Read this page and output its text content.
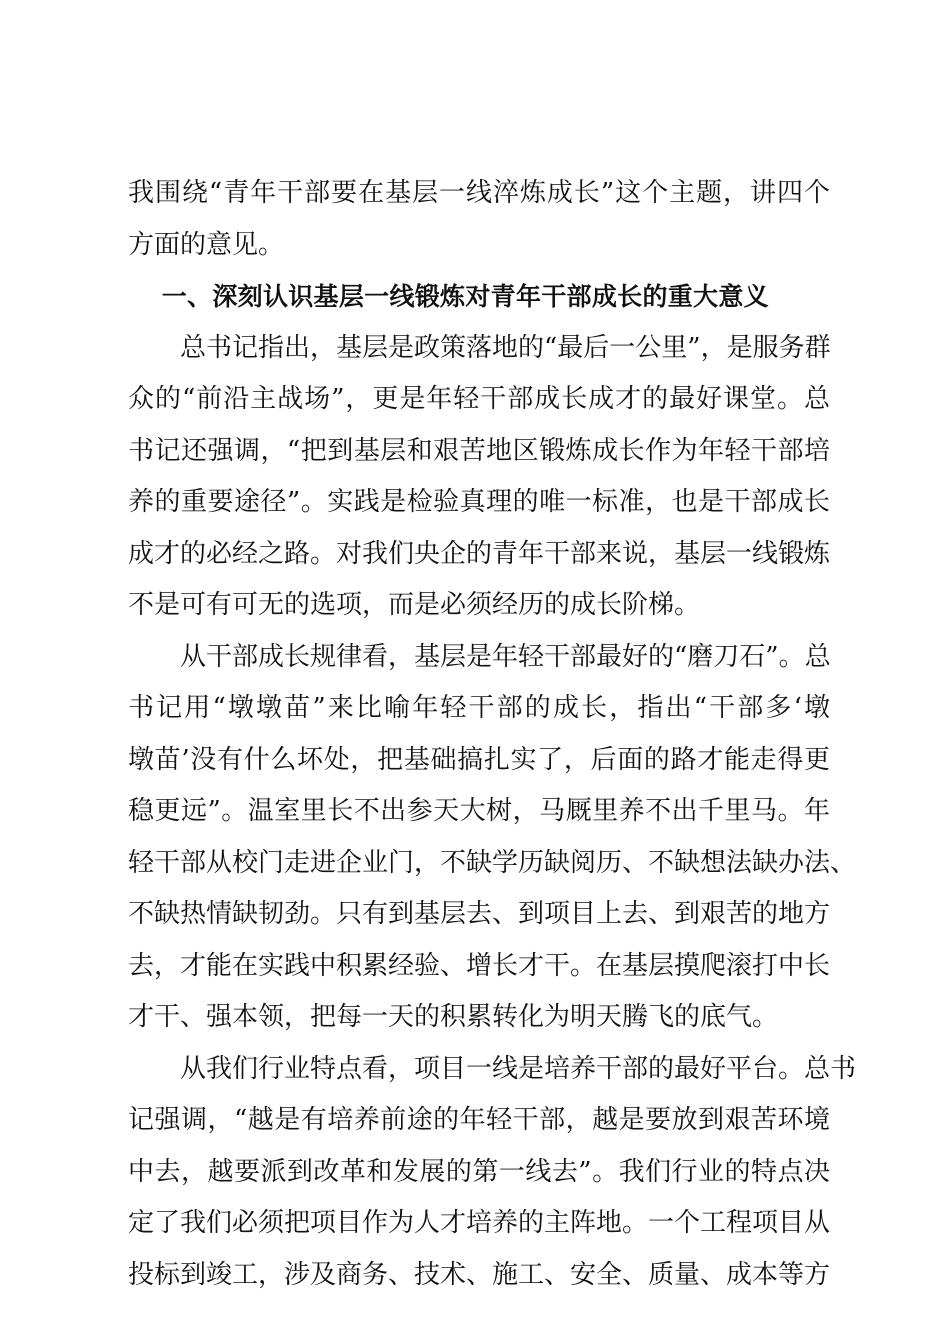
我围绕“青年干部要在基层一线淬炼成长”这个主题，讲四个
方面的意见。

一、深刻认识基层一线锻炼对青年干部成长的重大意义

总书记指出，基层是政策落地的“最后一公里”，是服务群
众的“前沿主战场”，更是年轻干部成长成才的最好课堂。总
书记还强调，“把到基层和艰苦地区锻炼成长作为年轻干部培
养的重要途径”。实践是检验真理的唯一标准，也是干部成长
成才的必经之路。对我们央企的青年干部来说，基层一线锻炼
不是可有可无的选项，而是必须经历的成长阶梯。

从干部成长规律看，基层是年轻干部最好的“磨刀石”。总
书记用“墩墩苗”来比喻年轻干部的成长，指出“干部多‘墩
墩苗’没有什么坏处，把基础搞扎实了，后面的路才能走得更
稳更远”。温室里长不出参天大树，马厩里养不出千里马。年
轻干部从校门走进企业门，不缺学历缺阅历、不缺想法缺办法、
不缺热情缺韧劲。只有到基层去、到项目上去、到艰苦的地方
去，才能在实践中积累经验、增长才干。在基层摸爬滚打中长
才干、强本领，把每一天的积累转化为明天腾飞的底气。

从我们行业特点看，项目一线是培养干部的最好平台。总书
记强调，“越是有培养前途的年轻干部，越是要放到艰苦环境
中去，越要派到改革和发展的第一线去”。我们行业的特点决
定了我们必须把项目作为人才培养的主阵地。一个工程项目从
投标到竣工，涉及商务、技术、施工、安全、质量、成本等方
